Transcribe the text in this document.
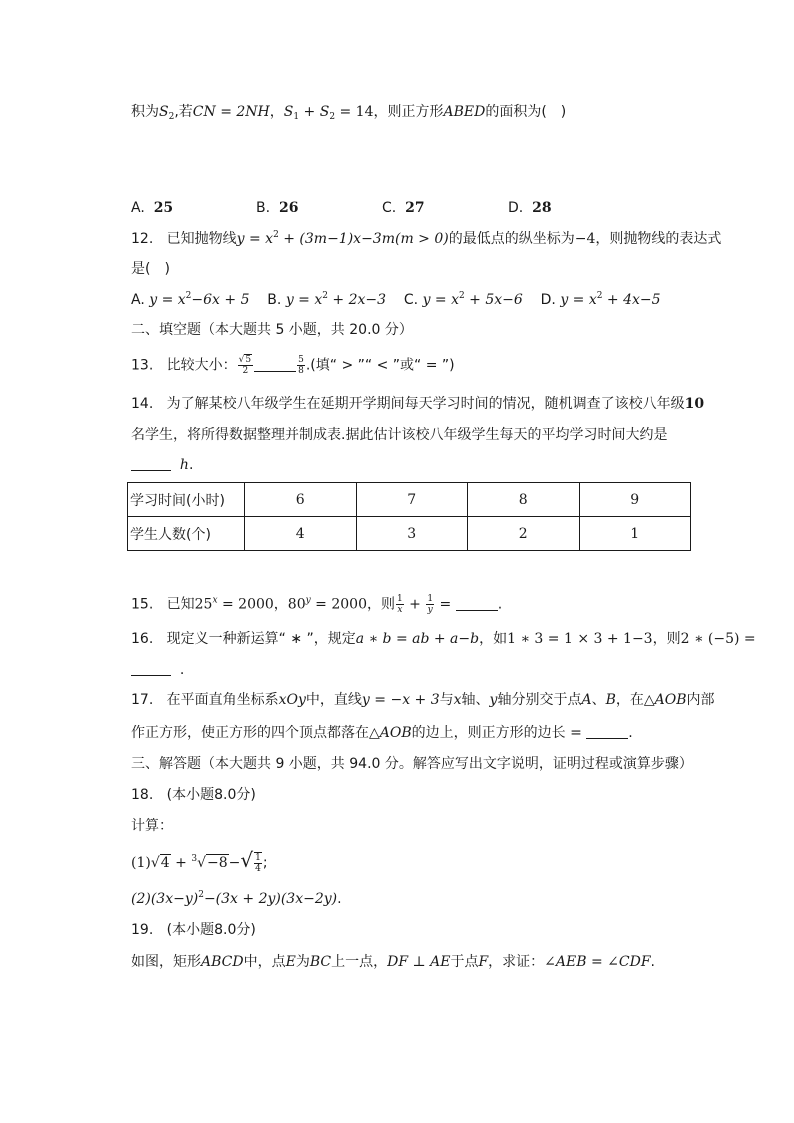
积为$S_2$,若CN = 2NH，$S_1 + S_2 = 14$，则正方形ABED的面积为(　)
A. 25	B. 26	C. 27	D. 28
12. 已知抛物线$y = x^2 + (3m-1)x-3m(m > 0)$的最低点的纵坐标为−4，则抛物线的表达式
是(　)
A. $y = x^2-6x + 5$ B. $y = x^2 + 2x-3$ C. $y = x^2 + 5x-6$ D. $y = x^2 + 4x-5$
二、填空题（本大题共 5 小题，共 20.0 分）
13. 比较大小： $\frac{√5}{2}$	$\frac{5}{8}$ .(填“ > ”“ < ”或“ = ”)
14. 为了解某校八年级学生在延期开学期间每天学习时间的情况，随机调查了该校八年级10
名学生，将所得数据整理并制成表.据此估计该校八年级学生每天的平均学习时间大约是
h.
学习时间(小时)	6	7	8	9
学生人数(个)	4	3	2	1
15. 已知$25^x = 2000$，$80^y = 2000$，则 $\frac{1}{x} + \frac{1}{y}$ =	.
16. 现定义一种新运算“ ∗ ”，规定a ∗ b = ab + a−b，如1 ∗ 3 = 1 × 3 + 1−3，则2 ∗ (−5) =
.
17. 在平面直角坐标系xOy中，直线y = −x + 3与x轴、y轴分别交于点A、B，在△AOB内部
作正方形，使正方形的四个顶点都落在△AOB的边上，则正方形的边长 =	.
三、解答题（本大题共 9 小题，共 94.0 分。解答应写出文字说明，证明过程或演算步骤）
18. (本小题8.0分)
计算：
$(1)√4 + ^3√-8-√ \frac{1}{4}$ ;
$(2)(3x-y)^2-(3x + 2y)(3x-2y)$.
19. (本小题8.0分)
如图，矩形ABCD中，点E为BC上一点，DF ⊥ AE于点F，求证：∠AEB = ∠CDF.
